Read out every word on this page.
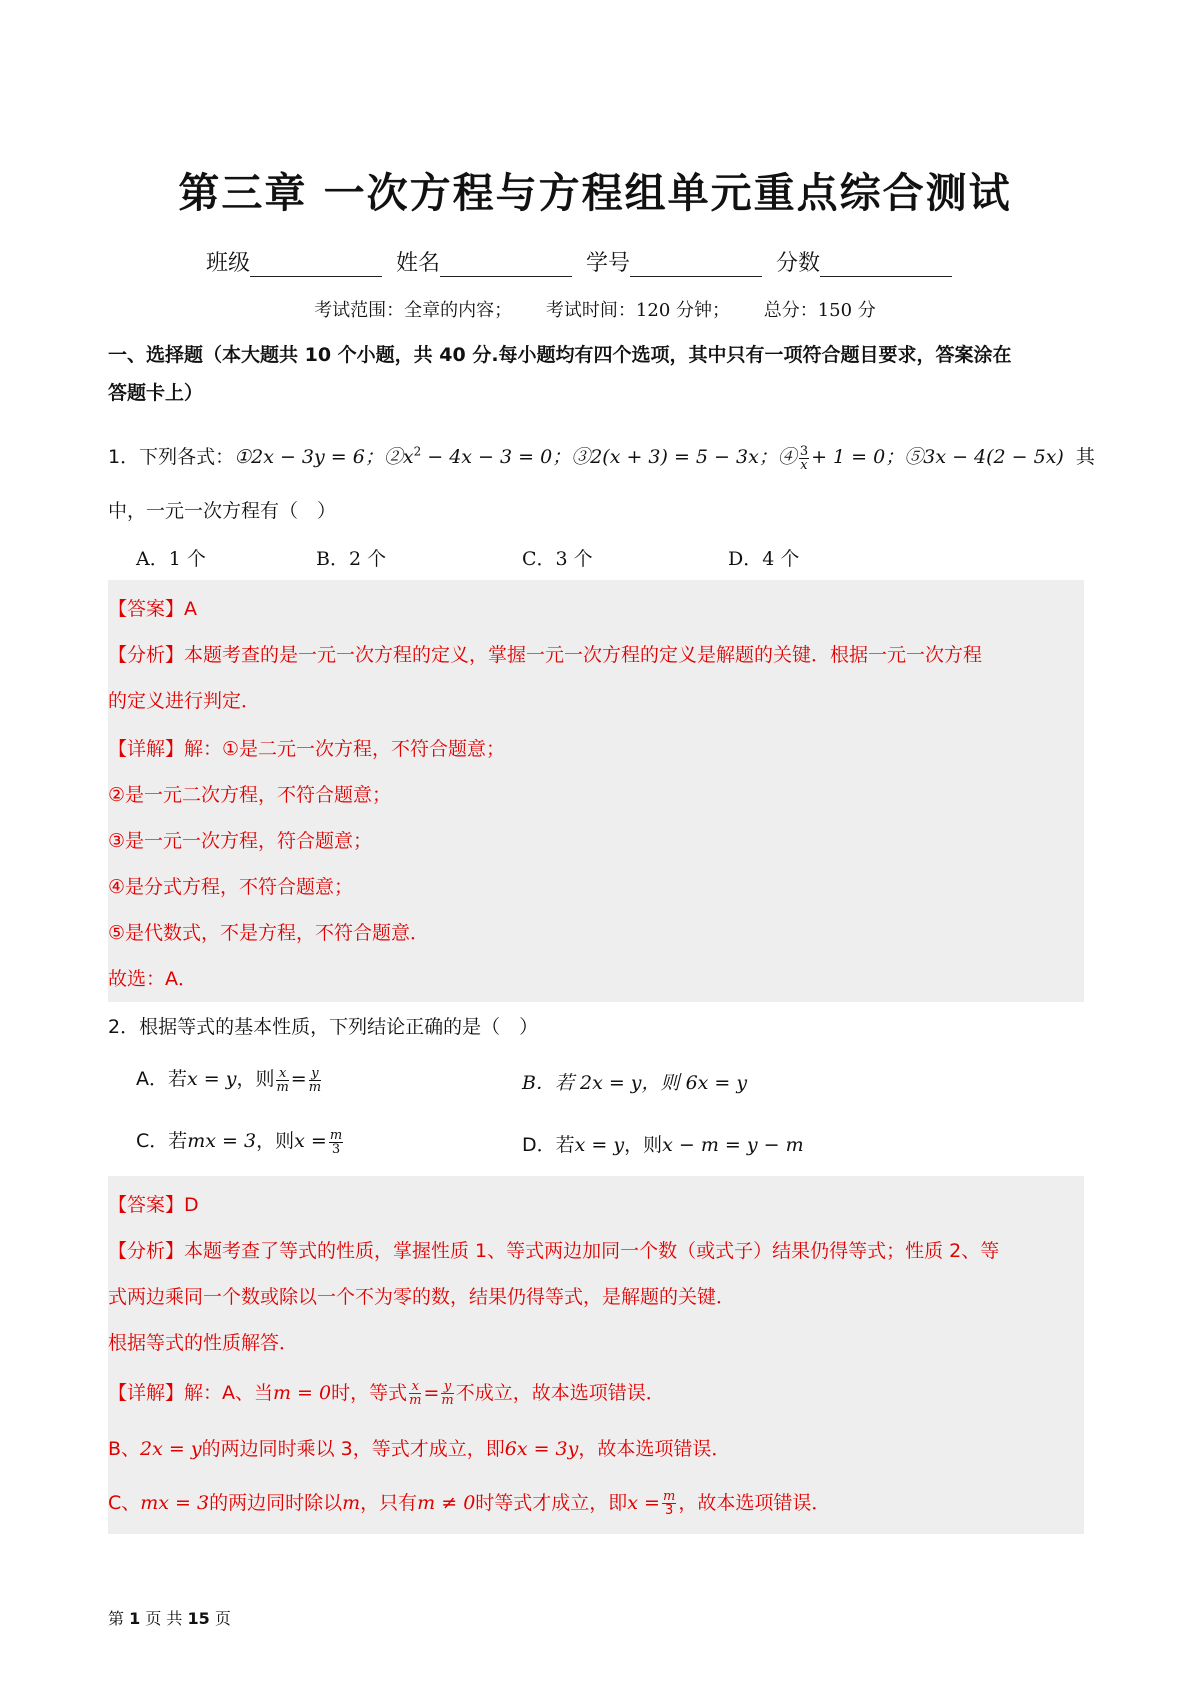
第三章 一次方程与方程组单元重点综合测试
班级	姓名	学号	分数
考试范围：全章的内容； 考试时间：120 分钟； 总分：150 分
一、选择题（本大题共 10 个小题，共 40 分.每小题均有四个选项，其中只有一项符合题目要求，答案涂在
答题卡上）
1．下列各式：①2x − 3y = 6；$②x^2 - 4x - 3 = 0$；③2(x + 3) = 5 − 3x；④ $\frac{3}{x} + 1 = 0$；⑤3x − 4(2 − 5x) 其
中，一元一次方程有（　）
A．1 个	B．2 个	C．3 个	D．4 个
【答案】A
【分析】本题考查的是一元一次方程的定义，掌握一元一次方程的定义是解题的关键．根据一元一次方程
的定义进行判定．
【详解】解：①是二元一次方程，不符合题意；
②是一元二次方程，不符合题意；
③是一元一次方程，符合题意；
④是分式方程，不符合题意；
⑤是代数式，不是方程，不符合题意．
故选：A．
2．根据等式的基本性质，下列结论正确的是（　）
A．若x = y，则 $\frac{x}{m} = \frac{y}{m}$	B．若 2x = y，则 6x = y
C．若mx = 3，则$x = \frac{m}{3}$	D．若x = y，则x − m = y − m
【答案】D
【分析】本题考查了等式的性质，掌握性质 1、等式两边加同一个数（或式子）结果仍得等式；性质 2、等
式两边乘同一个数或除以一个不为零的数，结果仍得等式，是解题的关键．
根据等式的性质解答．
【详解】解：A、当m = 0时，等式 $\frac{x}{m} = \frac{y}{m}$ 不成立，故本选项错误．
B、2x = y的两边同时乘以 3，等式才成立，即6x = 3y，故本选项错误．
C、mx = 3的两边同时除以m，只有m ≠ 0时等式才成立，即$x = \frac{m}{3}$ ，故本选项错误．
第 1 页 共 15 页
